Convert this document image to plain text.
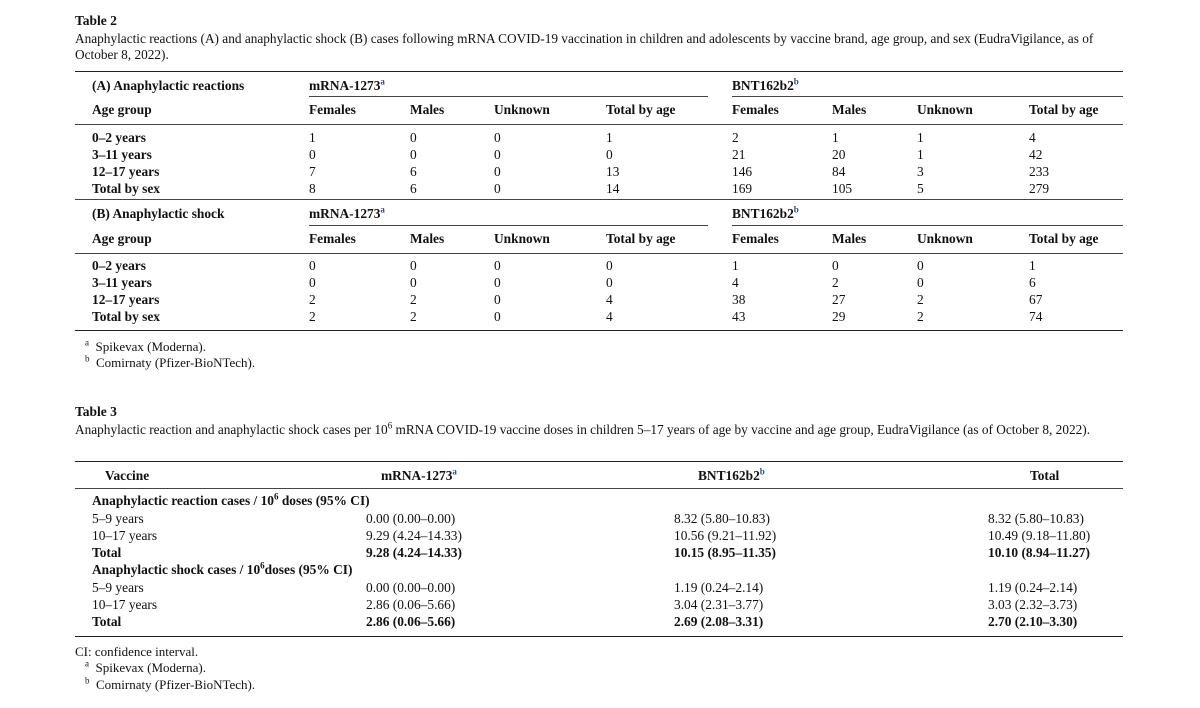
Table 2
Anaphylactic reactions (A) and anaphylactic shock (B) cases following mRNA COVID-19 vaccination in children and adolescents by vaccine brand, age group, and sex (EudraVigilance, as of October 8, 2022).
(A) Anaphylactic reactions	mRNA-1273$^a$	BNT162b2$^b$
Age group	Females	Males	Unknown	Total by age	Females	Males	Unknown	Total by age
0–2 years	1	0	0	1	2	1	1	4
3–11 years	0	0	0	0	21	20	1	42
12–17 years	7	6	0	13	146	84	3	233
Total by sex	8	6	0	14	169	105	5	279
(B) Anaphylactic shock	mRNA-1273$^a$	BNT162b2$^b$
Age group	Females	Males	Unknown	Total by age	Females	Males	Unknown	Total by age
0–2 years	0	0	0	0	1	0	0	1
3–11 years	0	0	0	0	4	2	0	6
12–17 years	2	2	0	4	38	27	2	67
Total by sex	2	2	0	4	43	29	2	74
$^a$ Spikevax (Moderna).
$^b$ Comirnaty (Pfizer-BioNTech).
Table 3
Anaphylactic reaction and anaphylactic shock cases per $10^6$ mRNA COVID-19 vaccine doses in children 5–17 years of age by vaccine and age group, EudraVigilance (as of October 8, 2022).
Vaccine	mRNA-1273$^a$	BNT162b2$^b$	Total
Anaphylactic reaction cases / $10^6$ doses (95% CI)
5–9 years	0.00 (0.00–0.00)	8.32 (5.80–10.83)	8.32 (5.80–10.83)
10–17 years	9.29 (4.24–14.33)	10.56 (9.21–11.92)	10.49 (9.18–11.80)
Total	9.28 (4.24–14.33)	10.15 (8.95–11.35)	10.10 (8.94–11.27)
Anaphylactic shock cases / $10^6doses$ (95% CI)
5–9 years	0.00 (0.00–0.00)	1.19 (0.24–2.14)	1.19 (0.24–2.14)
10–17 years	2.86 (0.06–5.66)	3.04 (2.31–3.77)	3.03 (2.32–3.73)
Total	2.86 (0.06–5.66)	2.69 (2.08–3.31)	2.70 (2.10–3.30)
CI: confidence interval.
$^a$ Spikevax (Moderna).
$^b$ Comirnaty (Pfizer-BioNTech).
